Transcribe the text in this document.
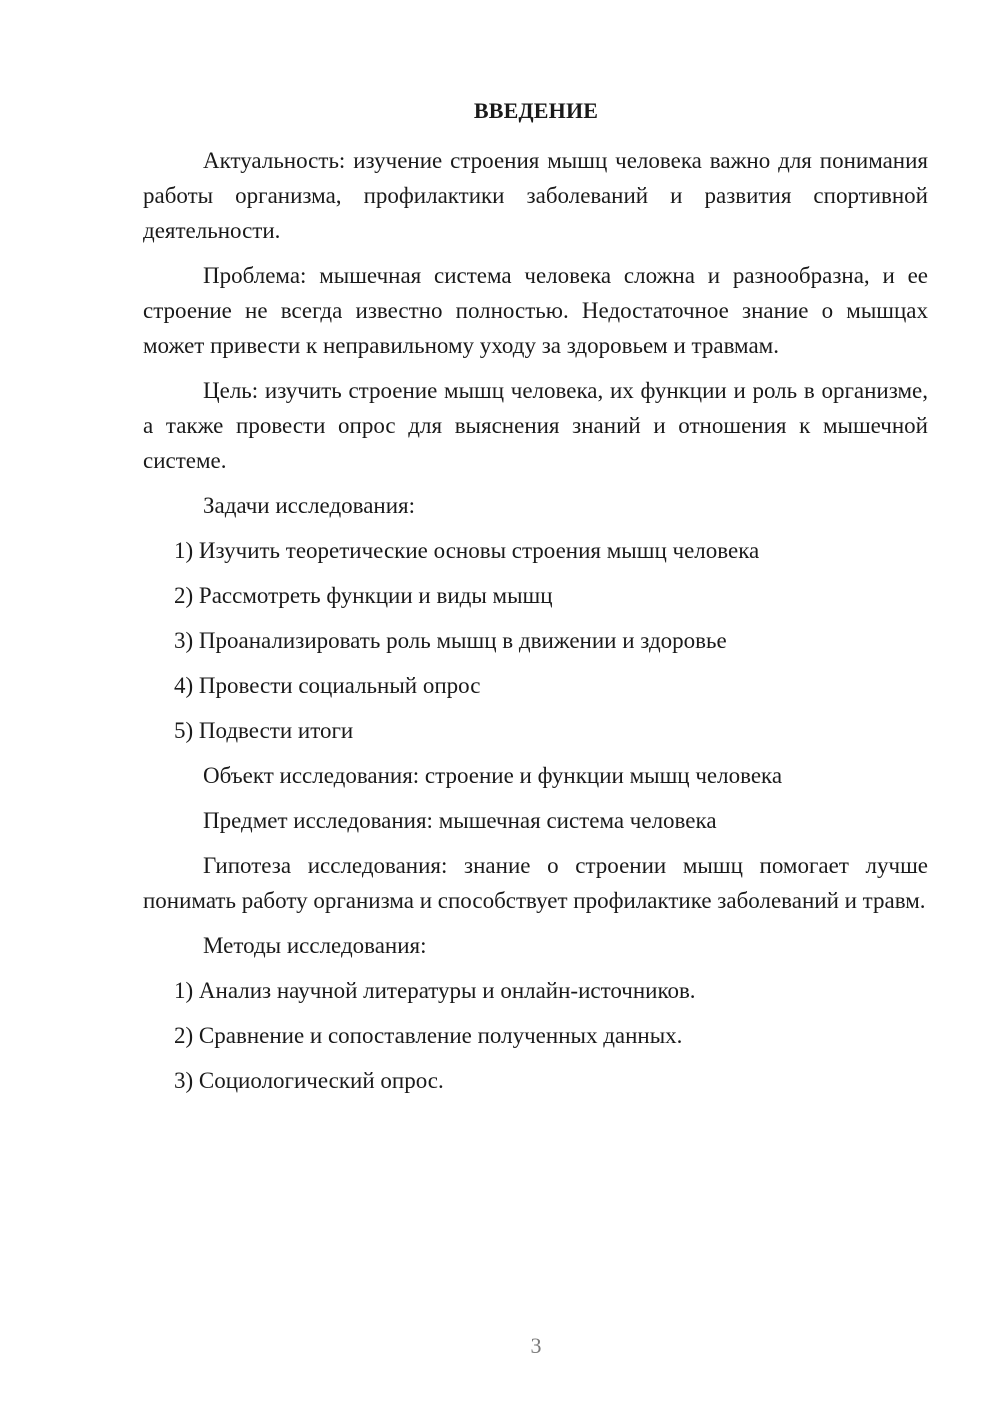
ВВЕДЕНИЕ

Актуальность: изучение строения мышц человека важно для понимания работы организма, профилактики заболеваний и развития спортивной деятельности.

Проблема: мышечная система человека сложна и разнообразна, и ее строение не всегда известно полностью. Недостаточное знание о мышцах может привести к неправильному уходу за здоровьем и травмам.

Цель: изучить строение мышц человека, их функции и роль в организме, а также провести опрос для выяснения знаний и отношения к мышечной системе.

Задачи исследования:

1) Изучить теоретические основы строения мышц человека

2) Рассмотреть функции и виды мышц

3) Проанализировать роль мышц в движении и здоровье

4) Провести социальный опрос

5) Подвести итоги

Объект исследования: строение и функции мышц человека

Предмет исследования: мышечная система человека

Гипотеза исследования: знание о строении мышц помогает лучше понимать работу организма и способствует профилактике заболеваний и травм.

Методы исследования:

1) Анализ научной литературы и онлайн-источников.

2) Сравнение и сопоставление полученных данных.

3) Социологический опрос.

3
